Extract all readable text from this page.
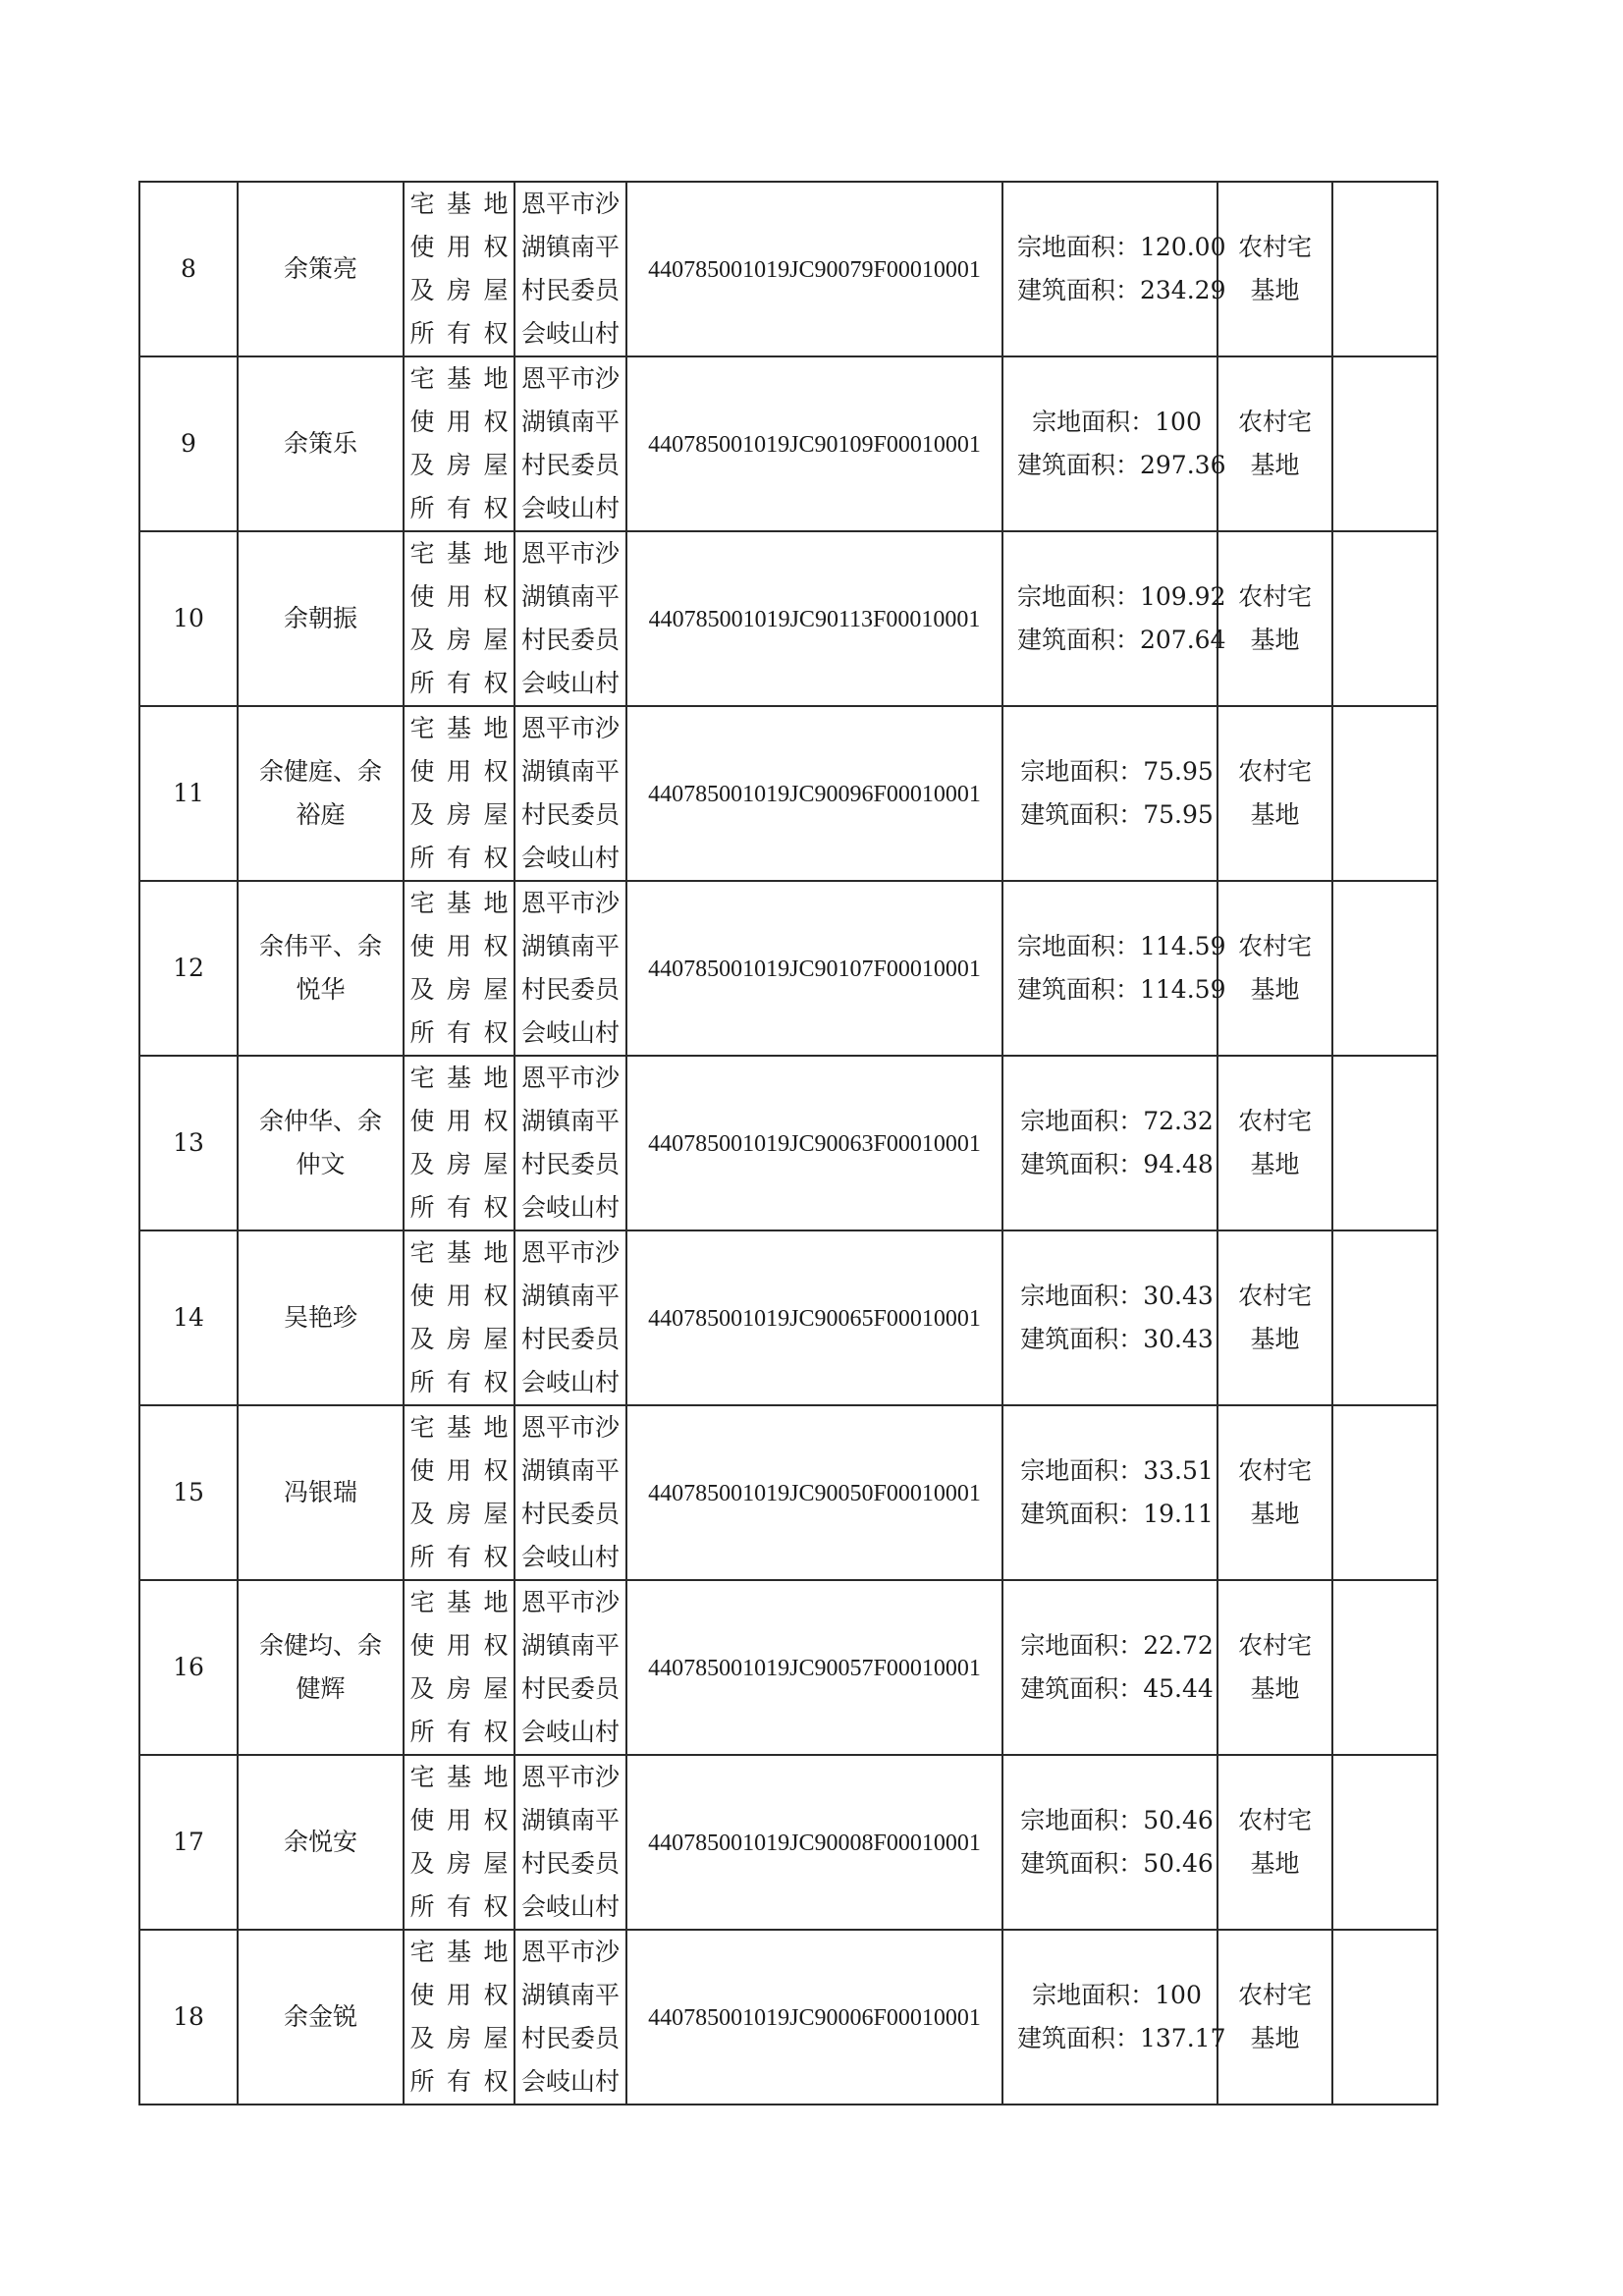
8	余策亮	宅基地
使用权
及房屋
所有权	恩平市沙
湖镇南平
村民委员
会岐山村	440785001019JC90079F00010001	宗地面积：120.00
建筑面积：234.29	农村宅
基地	

9	余策乐	宅基地
使用权
及房屋
所有权	恩平市沙
湖镇南平
村民委员
会岐山村	440785001019JC90109F00010001	宗地面积：100
建筑面积：297.36	农村宅
基地	

10	余朝振	宅基地
使用权
及房屋
所有权	恩平市沙
湖镇南平
村民委员
会岐山村	440785001019JC90113F00010001	宗地面积：109.92
建筑面积：207.64	农村宅
基地	

11	余健庭、余
裕庭	宅基地
使用权
及房屋
所有权	恩平市沙
湖镇南平
村民委员
会岐山村	440785001019JC90096F00010001	宗地面积：75.95
建筑面积：75.95	农村宅
基地	

12	余伟平、余
悦华	宅基地
使用权
及房屋
所有权	恩平市沙
湖镇南平
村民委员
会岐山村	440785001019JC90107F00010001	宗地面积：114.59
建筑面积：114.59	农村宅
基地	

13	余仲华、余
仲文	宅基地
使用权
及房屋
所有权	恩平市沙
湖镇南平
村民委员
会岐山村	440785001019JC90063F00010001	宗地面积：72.32
建筑面积：94.48	农村宅
基地	

14	吴艳珍	宅基地
使用权
及房屋
所有权	恩平市沙
湖镇南平
村民委员
会岐山村	440785001019JC90065F00010001	宗地面积：30.43
建筑面积：30.43	农村宅
基地	

15	冯银瑞	宅基地
使用权
及房屋
所有权	恩平市沙
湖镇南平
村民委员
会岐山村	440785001019JC90050F00010001	宗地面积：33.51
建筑面积：19.11	农村宅
基地	

16	余健均、余
健辉	宅基地
使用权
及房屋
所有权	恩平市沙
湖镇南平
村民委员
会岐山村	440785001019JC90057F00010001	宗地面积：22.72
建筑面积：45.44	农村宅
基地	

17	余悦安	宅基地
使用权
及房屋
所有权	恩平市沙
湖镇南平
村民委员
会岐山村	440785001019JC90008F00010001	宗地面积：50.46
建筑面积：50.46	农村宅
基地	

18	余金锐	宅基地
使用权
及房屋
所有权	恩平市沙
湖镇南平
村民委员
会岐山村	440785001019JC90006F00010001	宗地面积：100
建筑面积：137.17	农村宅
基地	
